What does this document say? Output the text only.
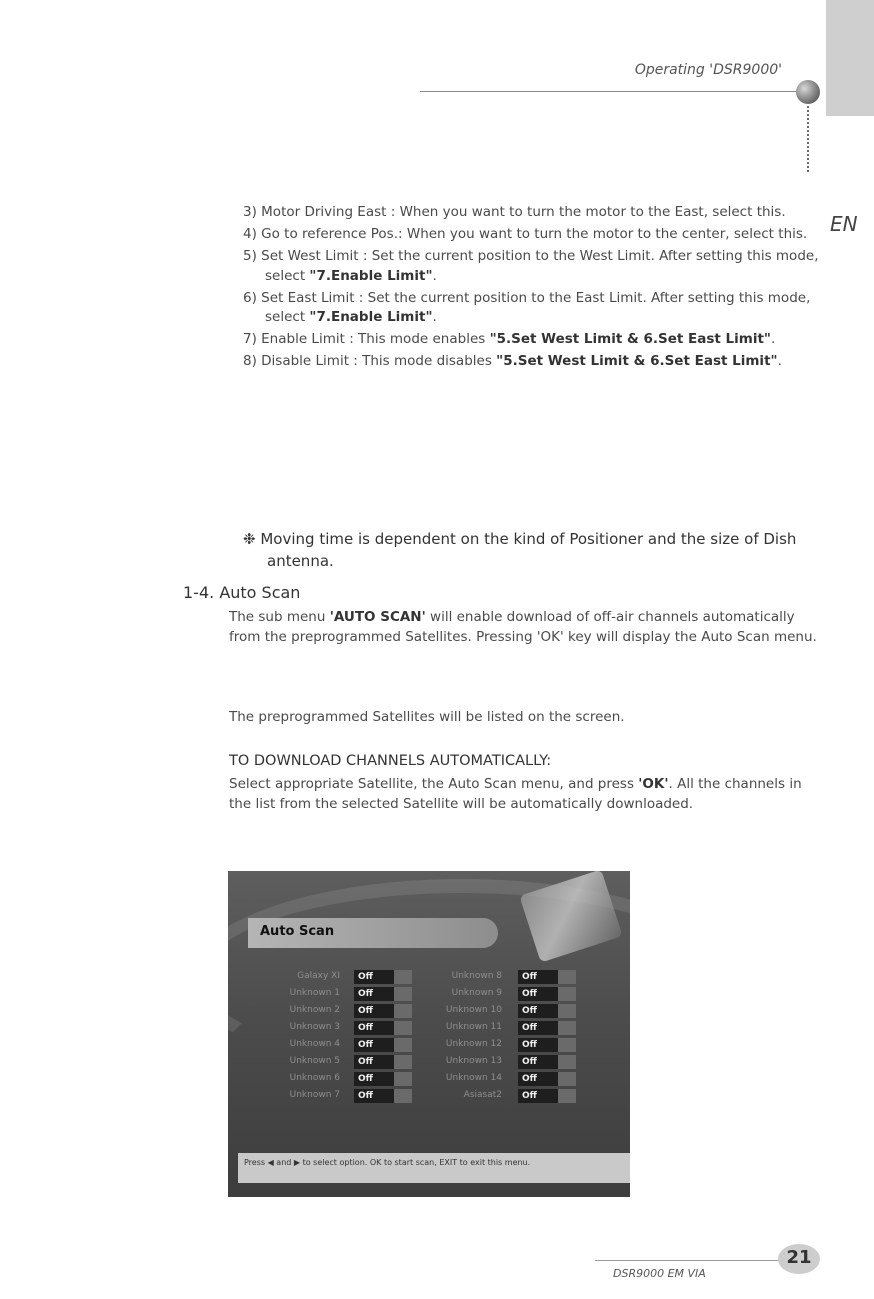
Operating 'DSR9000'
EN
3) Motor Driving East : When you want to turn the motor to the East, select this.
4) Go to reference Pos.: When you want to turn the motor to the center, select this.
5) Set West Limit : Set the current position to the West Limit. After setting this mode, select "7.Enable Limit".
6) Set East Limit : Set the current position to the East Limit. After setting this mode, select "7.Enable Limit".
7) Enable Limit : This mode enables "5.Set West Limit & 6.Set East Limit".
8) Disable Limit : This mode disables "5.Set West Limit & 6.Set East Limit".
❉ Moving time is dependent on the kind of Positioner and the size of Dish antenna.
1-4. Auto Scan
The sub menu 'AUTO SCAN' will enable download of off-air channels automatically from the preprogrammed Satellites. Pressing 'OK' key will display the Auto Scan menu.
The preprogrammed Satellites will be listed on the screen.
TO DOWNLOAD CHANNELS AUTOMATICALLY:
Select appropriate Satellite, the Auto Scan menu, and press 'OK'. All the channels in the list from the selected Satellite will be automatically downloaded.
Auto Scan
Galaxy XI	Off
Unknown 1	Off
Unknown 2	Off
Unknown 3	Off
Unknown 4	Off
Unknown 5	Off
Unknown 6	Off
Unknown 7	Off
Unknown 8	Off
Unknown 9	Off
Unknown 10	Off
Unknown 11	Off
Unknown 12	Off
Unknown 13	Off
Unknown 14	Off
Asiasat2	Off
Press ◀ and ▶ to select option. OK to start scan, EXIT to exit this menu.
DSR9000 EM VIA
21
